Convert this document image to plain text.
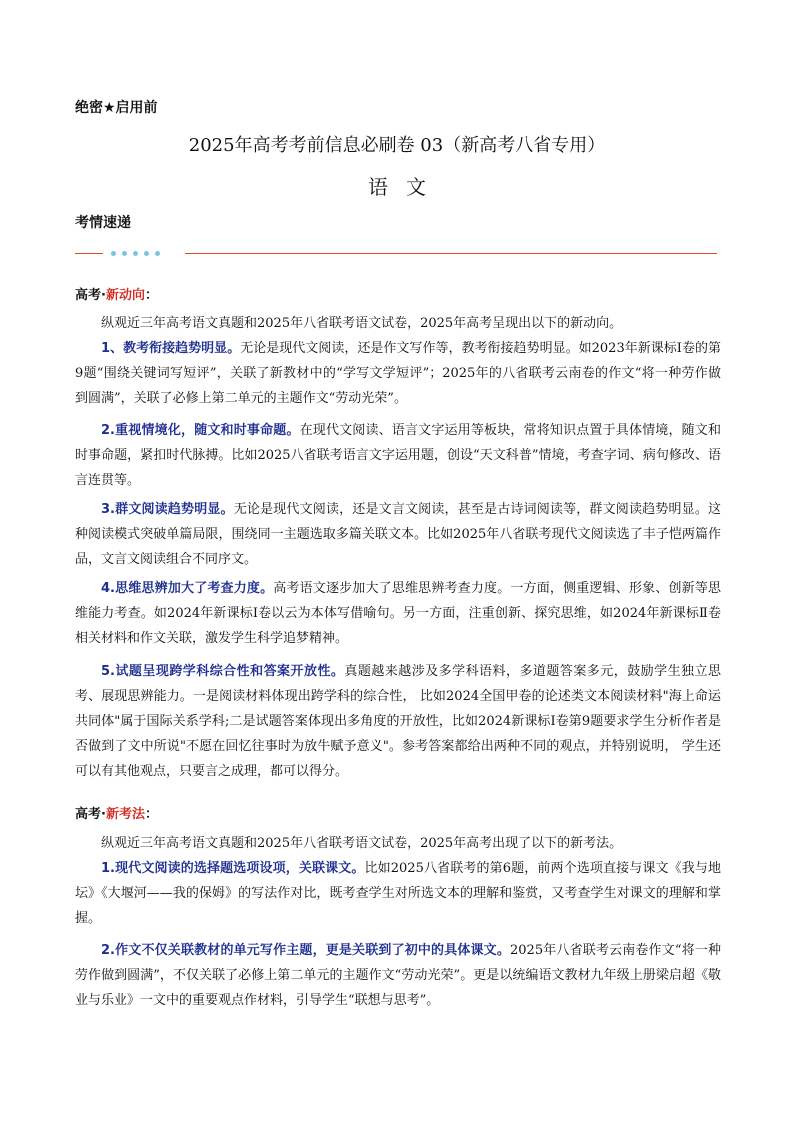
绝密★启用前
2025年高考考前信息必刷卷 03（新高考八省专用）
语文
考情速递
高考·新动向：
纵观近三年高考语文真题和2025年八省联考语文试卷，2025年高考呈现出以下的新动向。
1、教考衔接趋势明显。无论是现代文阅读，还是作文写作等，教考衔接趋势明显。如2023年新课标Ⅰ卷的第9题“围绕关键词写短评”，关联了新教材中的“学写文学短评”；2025年的八省联考云南卷的作文“将一种劳作做到圆满”，关联了必修上第二单元的主题作文“劳动光荣”。
2.重视情境化，随文和时事命题。在现代文阅读、语言文字运用等板块，常将知识点置于具体情境，随文和时事命题，紧扣时代脉搏。比如2025八省联考语言文字运用题，创设“天文科普”情境，考查字词、病句修改、语言连贯等。
3.群文阅读趋势明显。无论是现代文阅读，还是文言文阅读，甚至是古诗词阅读等，群文阅读趋势明显。这种阅读模式突破单篇局限，围绕同一主题选取多篇关联文本。比如2025年八省联考现代文阅读选了丰子恺两篇作品，文言文阅读组合不同序文。
4.思维思辨加大了考查力度。高考语文逐步加大了思维思辨考查力度。一方面，侧重逻辑、形象、创新等思维能力考查。如2024年新课标Ⅰ卷以云为本体写借喻句。另一方面，注重创新、探究思维，如2024年新课标Ⅱ卷相关材料和作文关联，激发学生科学追梦精神。
5.试题呈现跨学科综合性和答案开放性。真题越来越涉及多学科语料，多道题答案多元，鼓励学生独立思考、展现思辨能力。一是阅读材料体现出跨学科的综合性， 比如2024全国甲卷的论述类文本阅读材料"海上命运共同体"属于国际关系学科;二是试题答案体现出多角度的开放性，比如2024新课标Ⅰ卷第9题要求学生分析作者是否做到了文中所说"不愿在回忆往事时为放牛赋予意义"。参考答案都给出两种不同的观点，并特别说明， 学生还可以有其他观点，只要言之成理，都可以得分。
高考·新考法：
纵观近三年高考语文真题和2025年八省联考语文试卷，2025年高考出现了以下的新考法。
1.现代文阅读的选择题选项设项，关联课文。比如2025八省联考的第6题，前两个选项直接与课文《我与地坛》《大堰河——我的保姆》的写法作对比，既考查学生对所选文本的理解和鉴赏，又考查学生对课文的理解和掌握。
2.作文不仅关联教材的单元写作主题，更是关联到了初中的具体课文。2025年八省联考云南卷作文“将一种劳作做到圆满”，不仅关联了必修上第二单元的主题作文“劳动光荣”。更是以统编语文教材九年级上册梁启超《敬业与乐业》一文中的重要观点作材料，引导学生“联想与思考”。
